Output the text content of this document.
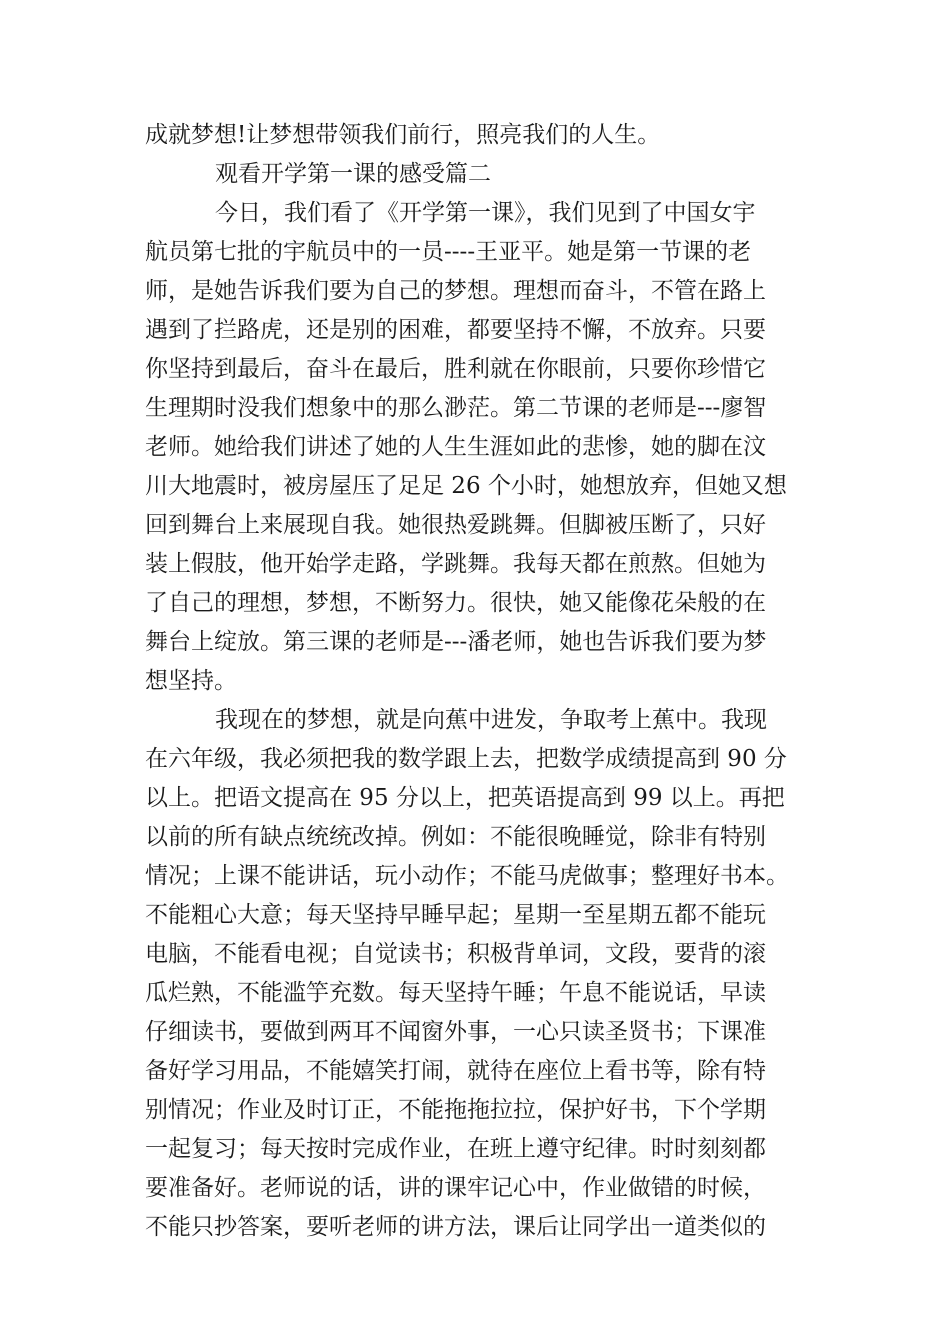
成就梦想!让梦想带领我们前行，照亮我们的人生。
观看开学第一课的感受篇二
今日，我们看了《开学第一课》，我们见到了中国女宇
航员第七批的宇航员中的一员----王亚平。她是第一节课的老
师，是她告诉我们要为自己的梦想。理想而奋斗，不管在路上
遇到了拦路虎，还是别的困难，都要坚持不懈，不放弃。只要
你坚持到最后，奋斗在最后，胜利就在你眼前，只要你珍惜它
生理期时没我们想象中的那么渺茫。第二节课的老师是---廖智
老师。她给我们讲述了她的人生生涯如此的悲惨，她的脚在汶
川大地震时，被房屋压了足足 26 个小时，她想放弃，但她又想
回到舞台上来展现自我。她很热爱跳舞。但脚被压断了，只好
装上假肢，他开始学走路，学跳舞。我每天都在煎熬。但她为
了自己的理想，梦想，不断努力。很快，她又能像花朵般的在
舞台上绽放。第三课的老师是---潘老师，她也告诉我们要为梦
想坚持。
我现在的梦想，就是向蕉中进发，争取考上蕉中。我现
在六年级，我必须把我的数学跟上去，把数学成绩提高到 90 分
以上。把语文提高在 95 分以上，把英语提高到 99 以上。再把
以前的所有缺点统统改掉。例如：不能很晚睡觉，除非有特别
情况；上课不能讲话，玩小动作；不能马虎做事；整理好书本。
不能粗心大意；每天坚持早睡早起；星期一至星期五都不能玩
电脑，不能看电视；自觉读书；积极背单词，文段，要背的滚
瓜烂熟，不能滥竽充数。每天坚持午睡；午息不能说话，早读
仔细读书，要做到两耳不闻窗外事，一心只读圣贤书；下课准
备好学习用品，不能嬉笑打闹，就待在座位上看书等，除有特
别情况；作业及时订正，不能拖拖拉拉，保护好书，下个学期
一起复习；每天按时完成作业，在班上遵守纪律。时时刻刻都
要准备好。老师说的话，讲的课牢记心中，作业做错的时候，
不能只抄答案，要听老师的讲方法，课后让同学出一道类似的
